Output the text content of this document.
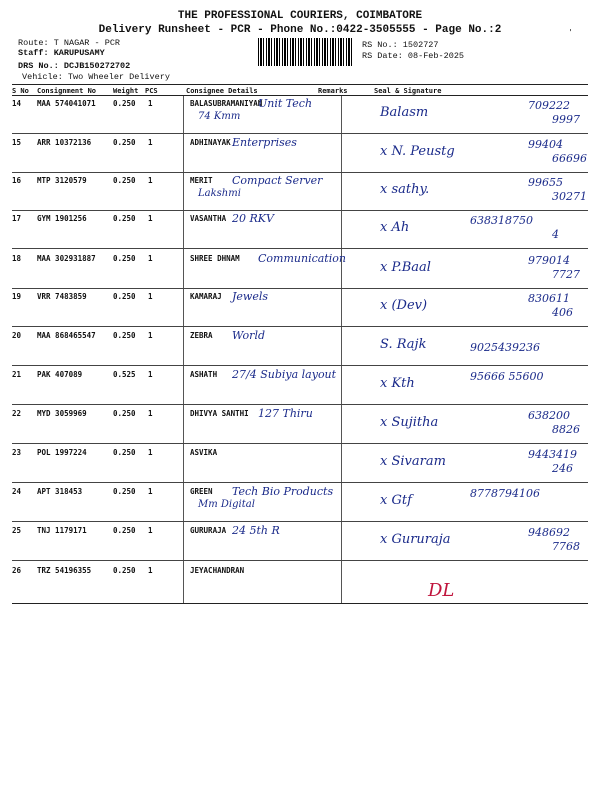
THE PROFESSIONAL COURIERS, COIMBATORE
Delivery Runsheet - PCR - Phone No.:0422-3505555 - Page No.:2
Route: T NAGAR - PCR
Staff: KARUPUSAMY
DRS No.: DCJB150272702
Vehicle: Two Wheeler Delivery
RS No.: 1502727
RS Date: 08-Feb-2025
'
S No Consignment No Weight PCS	Consignee Details	Remarks	Seal & Signature
14 MAA 574041071 0.250 1	BALASUBRAMANIYAN
Unit Tech
74 Kmm	Balasm	709222
9997
15 ARR 10372136	0.250 1	ADHINAYAK Enterprises
x N. Peustg	99404
66696
16 MTP 3120579	0.250 1	MERIT Compact Server
Lakshmi	x sathy.	99655
30271
17 GYM 1901256	0.250 1	VASANTHA 20 RKV
x Ah	638318750
4
18 MAA 302931887 0.250 1	SHREE DHNAM Communication
x P.Baal	979014
7727
19 VRR 7483859	0.250 1	KAMARAJ Jewels
x (Dev)	830611
406
20 MAA 868465547 0.250 1	ZEBRA World
S. Rajk	9025439236
21 PAK 407089	0.525 1	ASHATH 27/4 Subiya layout
x Kth	95666 55600
22 MYD 3059969	0.250 1	DHIVYA SANTHI 127 Thiru
x Sujitha	638200
8826
23 POL 1997224	0.250 1	ASVIKA
x Sivaram	9443419
246
24 APT 318453	0.250 1	GREEN Tech Bio Products
Mm Digital	x Gtf	8778794106
25 TNJ 1179171	0.250 1	GURURAJA 24 5th R
x Gururaja	948692
7768
26 TRZ 54196355	0.250 1	JEYACHANDRAN
DL
